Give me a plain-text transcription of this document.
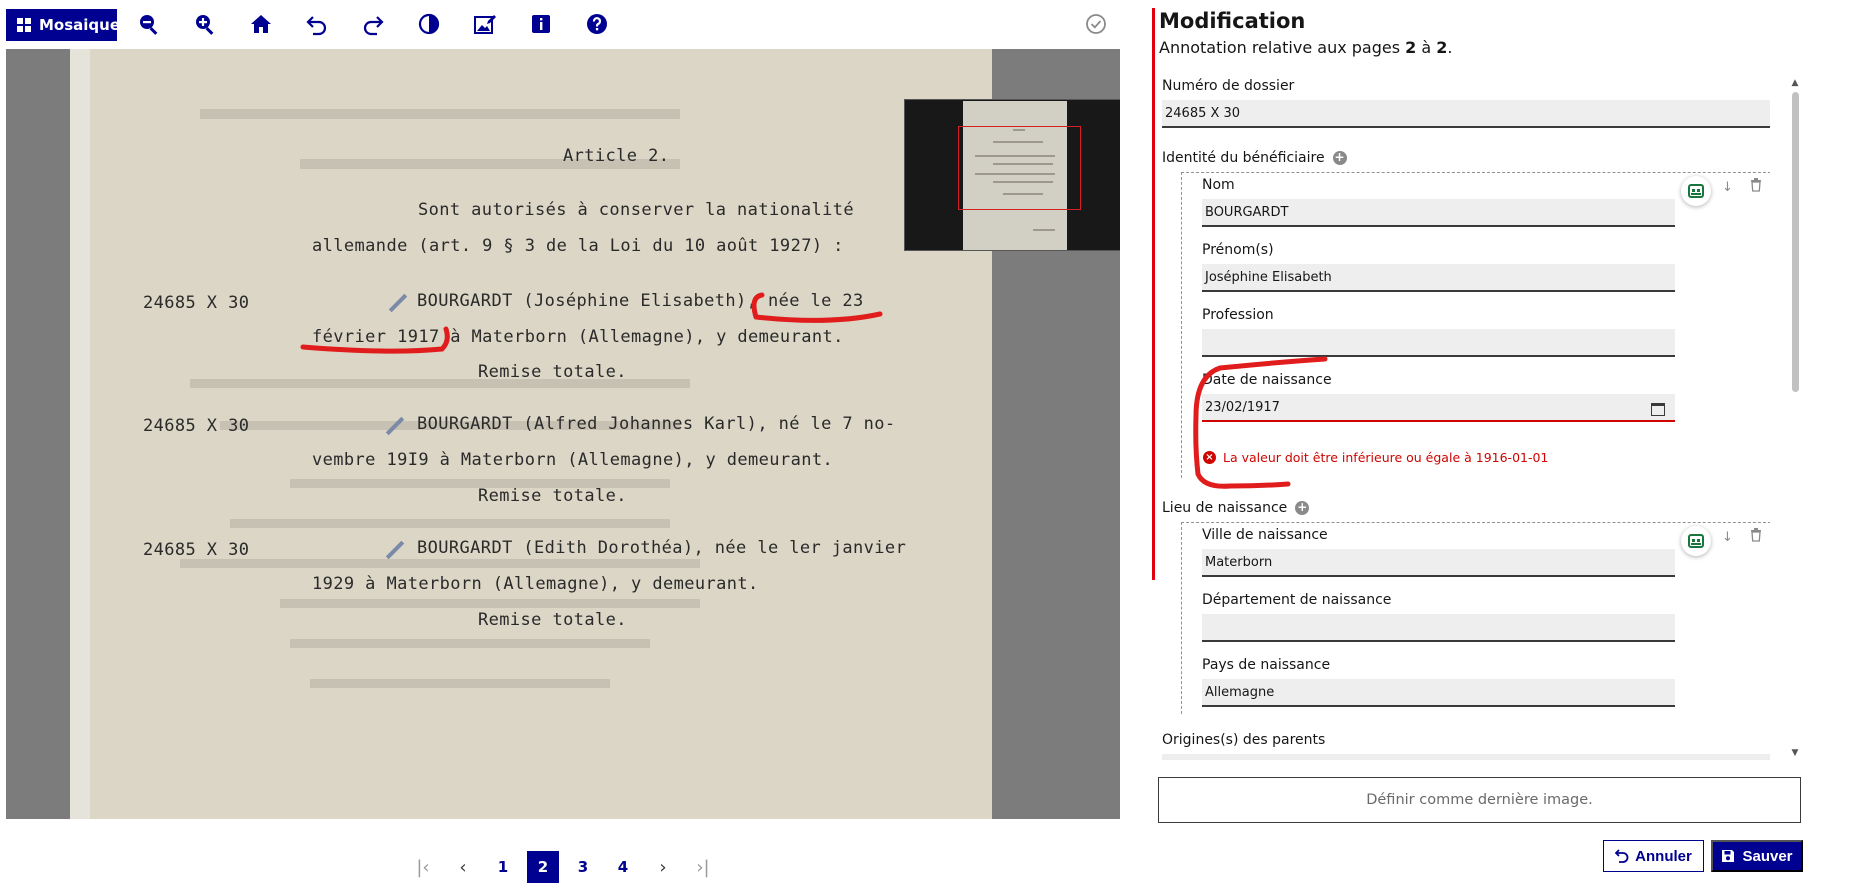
Mosaique
Article 2.
Sont autorisés à conserver la nationalité
allemande (art. 9 § 3 de la Loi du 10 août 1927) :
24685 X 30	BOURGARDT (Joséphine Elisabeth), née le 23
février 1917 à Materborn (Allemagne), y demeurant.
Remise totale.
24685 X 30	BOURGARDT (Alfred Johannes Karl), né le 7 no-
vembre 19I9 à Materborn (Allemagne), y demeurant.
Remise totale.
24685 X 30	BOURGARDT (Edith Dorothéa), née le ler janvier
1929 à Materborn (Allemagne), y demeurant.
Remise totale.
|‹	‹	1	2	3	4	›	›|
Modification
Annotation relative aux pages 2 à 2.
Numéro de dossier
24685 X 30
Identité du bénéficiaire +
Nom
BOURGARDT
↓
Prénom(s)
Joséphine Elisabeth
Profession
Date de naissance
23/02/1917
× La valeur doit être inférieure ou égale à 1916-01-01
Lieu de naissance +
Ville de naissance
Materborn
↓
Département de naissance
Pays de naissance
Allemagne
Origines(s) des parents
▲
▼
Définir comme dernière image.
Annuler	Sauver
